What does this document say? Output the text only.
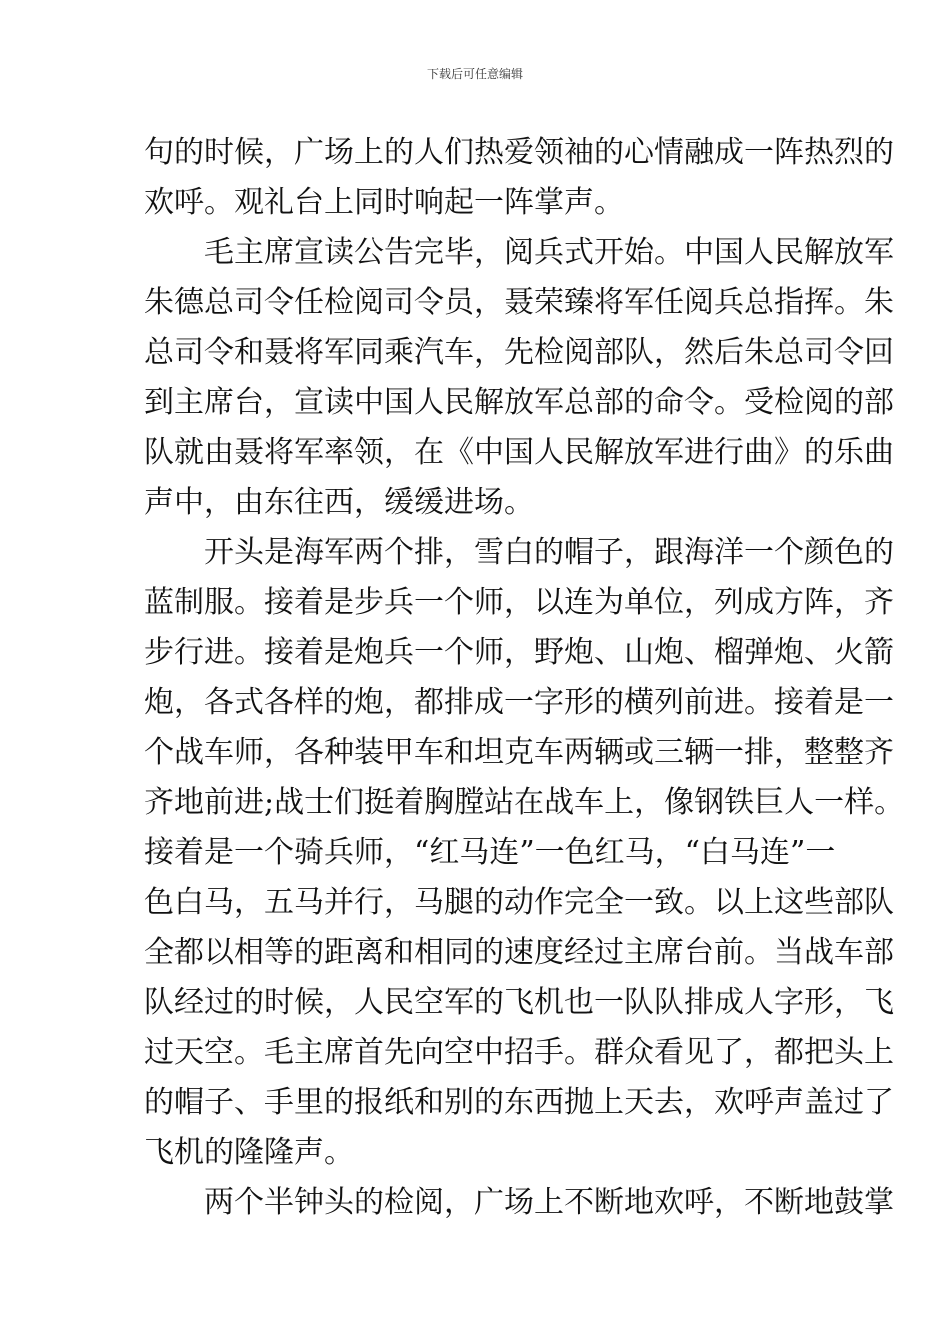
下载后可任意编辑
句的时候，广场上的人们热爱领袖的心情融成一阵热烈的
欢呼。观礼台上同时响起一阵掌声。
　　毛主席宣读公告完毕，阅兵式开始。中国人民解放军
朱德总司令任检阅司令员，聂荣臻将军任阅兵总指挥。朱
总司令和聂将军同乘汽车，先检阅部队，然后朱总司令回
到主席台，宣读中国人民解放军总部的命令。受检阅的部
队就由聂将军率领，在《中国人民解放军进行曲》的乐曲
声中，由东往西，缓缓进场。
　　开头是海军两个排，雪白的帽子，跟海洋一个颜色的
蓝制服。接着是步兵一个师，以连为单位，列成方阵，齐
步行进。接着是炮兵一个师，野炮、山炮、榴弹炮、火箭
炮，各式各样的炮，都排成一字形的横列前进。接着是一
个战车师，各种装甲车和坦克车两辆或三辆一排，整整齐
齐地前进;战士们挺着胸膛站在战车上，像钢铁巨人一样。
接着是一个骑兵师，“红马连”一色红马，“白马连”一
色白马，五马并行，马腿的动作完全一致。以上这些部队
全都以相等的距离和相同的速度经过主席台前。当战车部
队经过的时候，人民空军的飞机也一队队排成人字形，飞
过天空。毛主席首先向空中招手。群众看见了，都把头上
的帽子、手里的报纸和别的东西抛上天去，欢呼声盖过了
飞机的隆隆声。
　　两个半钟头的检阅，广场上不断地欢呼，不断地鼓掌
